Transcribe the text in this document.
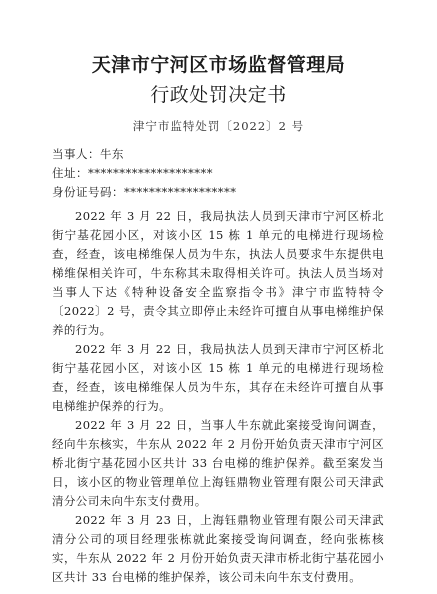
天津市宁河区市场监督管理局
行政处罚决定书
津宁市监特处罚〔2022〕2 号
当事人：牛东
住址：********************
身份证号码：******************

2022 年 3 月 22 日，我局执法人员到天津市宁河区桥北街宁基花园小区，对该小区 15 栋 1 单元的电梯进行现场检查，经查，该电梯维保人员为牛东，执法人员要求牛东提供电梯维保相关许可，牛东称其未取得相关许可。执法人员当场对当事人下达《特种设备安全监察指令书》津宁市监特特令〔2022〕2 号，责令其立即停止未经许可擅自从事电梯维护保养的行为。

2022 年 3 月 22 日，我局执法人员到天津市宁河区桥北街宁基花园小区，对该小区 15 栋 1 单元的电梯进行现场检查，经查，该电梯维保人员为牛东，其存在未经许可擅自从事电梯维护保养的行为。

2022 年 3 月 22 日，当事人牛东就此案接受询问调查，经向牛东核实，牛东从 2022 年 2 月份开始负责天津市宁河区桥北街宁基花园小区共计 33 台电梯的维护保养。截至案发当日，该小区的物业管理单位上海钰鼎物业管理有限公司天津武清分公司未向牛东支付费用。

2022 年 3 月 23 日，上海钰鼎物业管理有限公司天津武清分公司的项目经理张栋就此案接受询问调查，经向张栋核实，牛东从 2022 年 2 月份开始负责天津市桥北街宁基花园小区共计 33 台电梯的维护保养，该公司未向牛东支付费用。
